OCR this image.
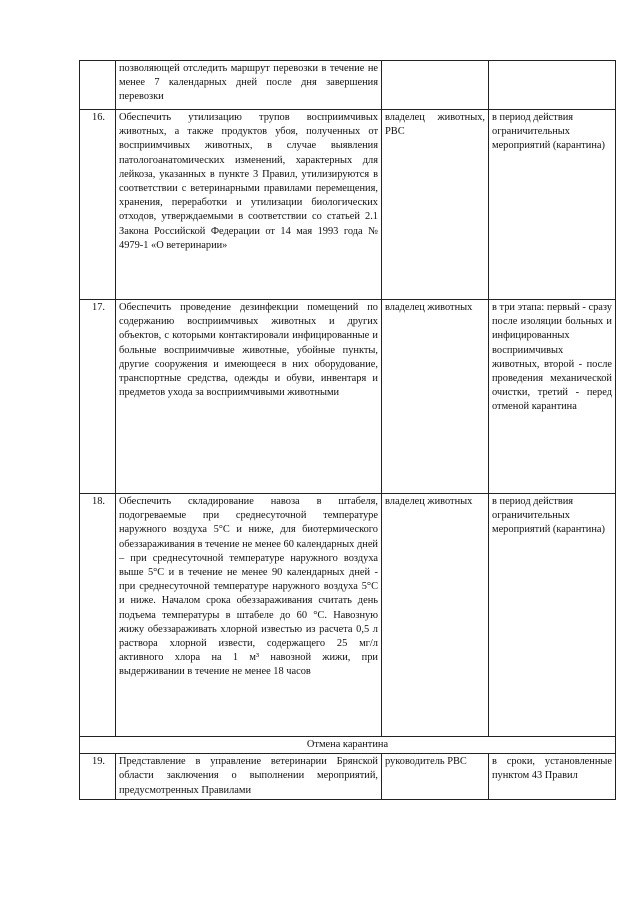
	позволяющей отследить маршрут перевозки в течение не менее 7 календарных дней после дня завершения перевозки		
16.	Обеспечить утилизацию трупов восприимчивых животных, а также продуктов убоя, полученных от восприимчивых животных, в случае выявления патологоанатомических изменений, характерных для лейкоза, указанных в пункте 3 Правил, утилизируются в соответствии с ветеринарными правилами перемещения, хранения, переработки и утилизации биологических отходов, утверждаемыми в соответствии со статьей 2.1 Закона Российской Федерации от 14 мая 1993 года № 4979-1 «О ветеринарии»	владелец животных, РВС	в период действия ограничительных мероприятий (карантина)
17.	Обеспечить проведение дезинфекции помещений по содержанию восприимчивых животных и других объектов, с которыми контактировали инфицированные и больные восприимчивые животные, убойные пункты, другие сооружения и имеющееся в них оборудование, транспортные средства, одежды и обуви, инвентаря и предметов ухода за восприимчивыми животными	владелец животных	в три этапа: первый - сразу после изоляции больных и инфицированных восприимчивых животных, второй - после проведения механической очистки, третий - перед отменой карантина
18.	Обеспечить складирование навоза в штабеля, подогреваемые при среднесуточной температуре наружного воздуха 5°С и ниже, для биотермического обеззараживания в течение не менее 60 календарных дней – при среднесуточной температуре наружного воздуха выше 5°С и в течение не менее 90 календарных дней - при среднесуточной температуре наружного воздуха 5°С и ниже. Началом срока обеззараживания считать день подъема температуры в штабеле до 60 °С. Навозную жижу обеззараживать хлорной известью из расчета 0,5 л раствора хлорной извести, содержащего 25 мг/л активного хлора на 1 м³ навозной жижи, при выдерживании в течение не менее 18 часов	владелец животных	в период действия ограничительных мероприятий (карантина)
Отмена карантина			
19.	Представление в управление ветеринарии Брянской области заключения о выполнении мероприятий, предусмотренных Правилами	руководитель РВС	в сроки, установленные пунктом 43 Правил
